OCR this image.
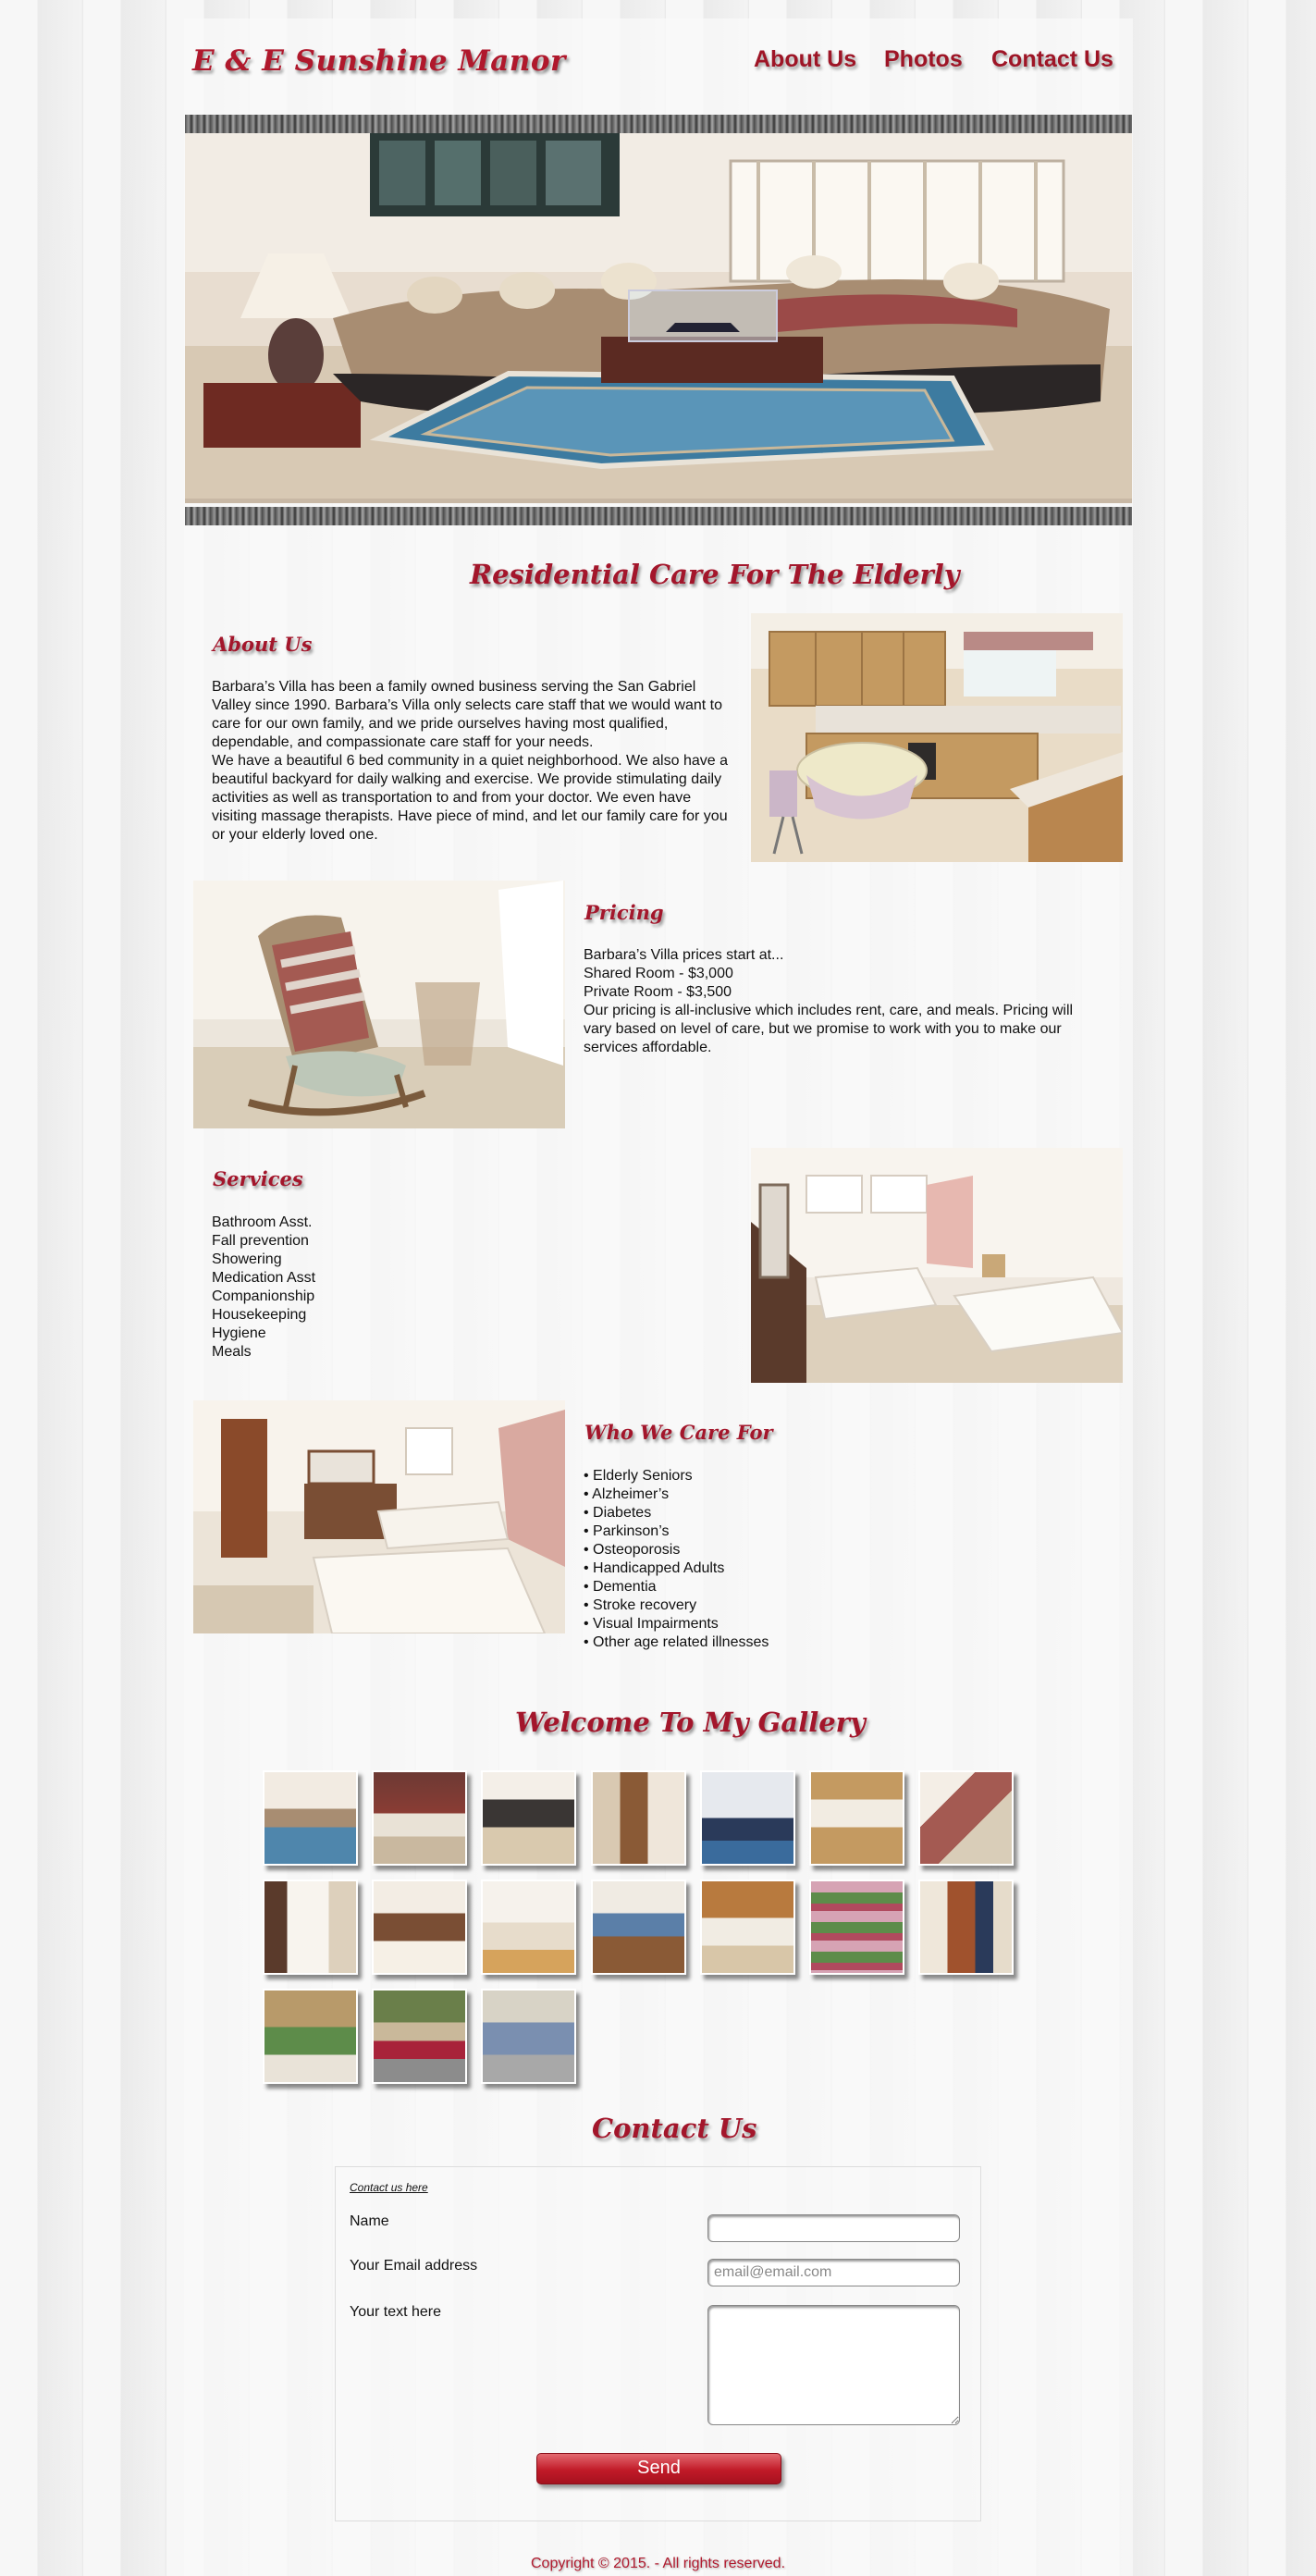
E & E Sunshine Manor	About Us Photos Contact Us
Residential Care For The Elderly
About Us
Barbara’s Villa has been a family owned business serving the San Gabriel Valley since 1990. Barbara’s Villa only selects care staff that we would want to care for our own family, and we pride ourselves having most qualified, dependable, and compassionate care staff for your needs.
We have a beautiful 6 bed community in a quiet neighborhood. We also have a beautiful backyard for daily walking and exercise. We provide stimulating daily activities as well as transportation to and from your doctor. We even have visiting massage therapists. Have piece of mind, and let our family care for you or your elderly loved one.
Pricing
Barbara’s Villa prices start at...
Shared Room - $3,000
Private Room - $3,500
Our pricing is all-inclusive which includes rent, care, and meals. Pricing will vary based on level of care, but we promise to work with you to make our services affordable.
Services
Bathroom Asst.
Fall prevention
Showering
Medication Asst
Companionship
Housekeeping
Hygiene
Meals
Who We Care For
• Elderly Seniors
• Alzheimer’s
• Diabetes
• Parkinson’s
• Osteoporosis
• Handicapped Adults
• Dementia
• Stroke recovery
• Visual Impairments
• Other age related illnesses
Welcome To My Gallery
Contact Us
Contact us here
Name
Your Email address
Your text here
email@email.com
Send
Copyright © 2015. - All rights reserved.
